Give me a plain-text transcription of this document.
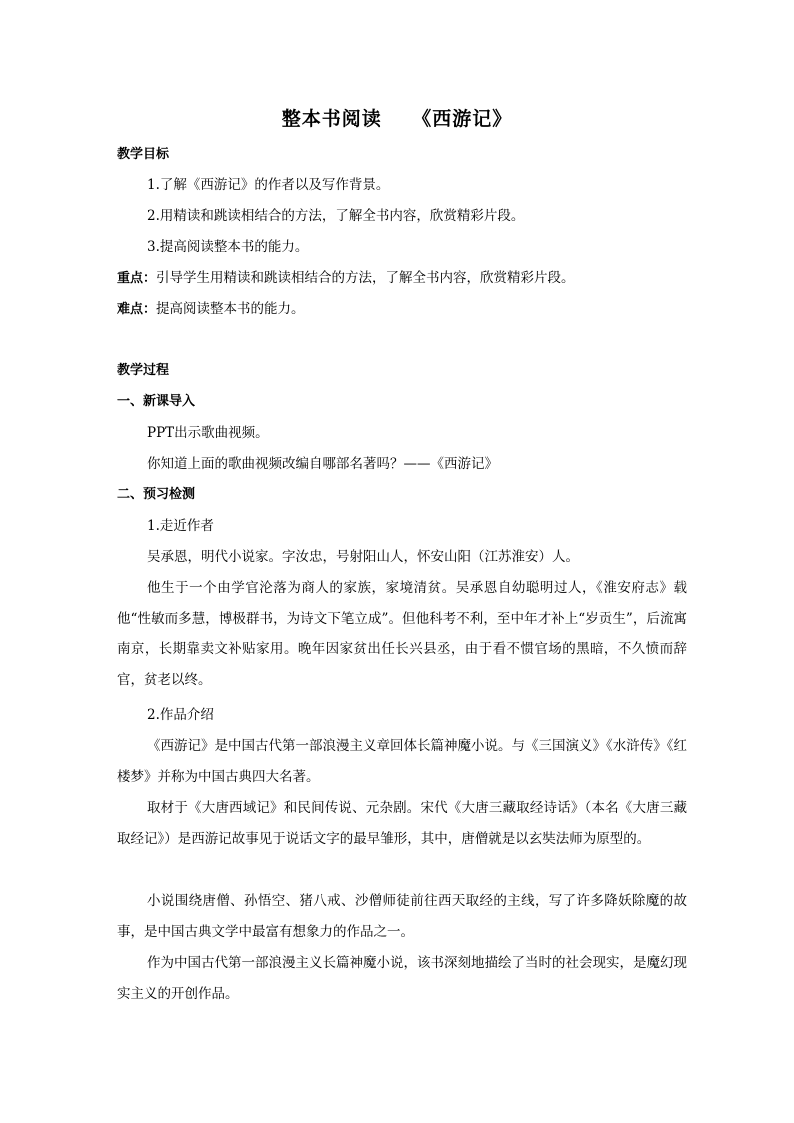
整本书阅读    《西游记》
教学目标
1.了解《西游记》的作者以及写作背景。
2.用精读和跳读相结合的方法，了解全书内容，欣赏精彩片段。
3.提高阅读整本书的能力。
重点：引导学生用精读和跳读相结合的方法，了解全书内容，欣赏精彩片段。
难点：提高阅读整本书的能力。
教学过程
一、新课导入
PPT出示歌曲视频。
你知道上面的歌曲视频改编自哪部名著吗？——《西游记》
二、预习检测
1.走近作者
吴承恩，明代小说家。字汝忠，号射阳山人，怀安山阳（江苏淮安）人。
他生于一个由学官沦落为商人的家族，家境清贫。吴承恩自幼聪明过人，《淮安府志》载他“性敏而多慧，博极群书，为诗文下笔立成”。但他科考不利，至中年才补上“岁贡生”，后流寓南京，长期靠卖文补贴家用。晚年因家贫出任长兴县丞，由于看不惯官场的黑暗，不久愤而辞官，贫老以终。
2.作品介绍
《西游记》是中国古代第一部浪漫主义章回体长篇神魔小说。与《三国演义》《水浒传》《红楼梦》并称为中国古典四大名著。
取材于《大唐西域记》和民间传说、元杂剧。宋代《大唐三藏取经诗话》（本名《大唐三藏取经记》）是西游记故事见于说话文字的最早雏形，其中，唐僧就是以玄奘法师为原型的。
小说围绕唐僧、孙悟空、猪八戒、沙僧师徒前往西天取经的主线，写了许多降妖除魔的故事，是中国古典文学中最富有想象力的作品之一。
作为中国古代第一部浪漫主义长篇神魔小说，该书深刻地描绘了当时的社会现实，是魔幻现实主义的开创作品。
